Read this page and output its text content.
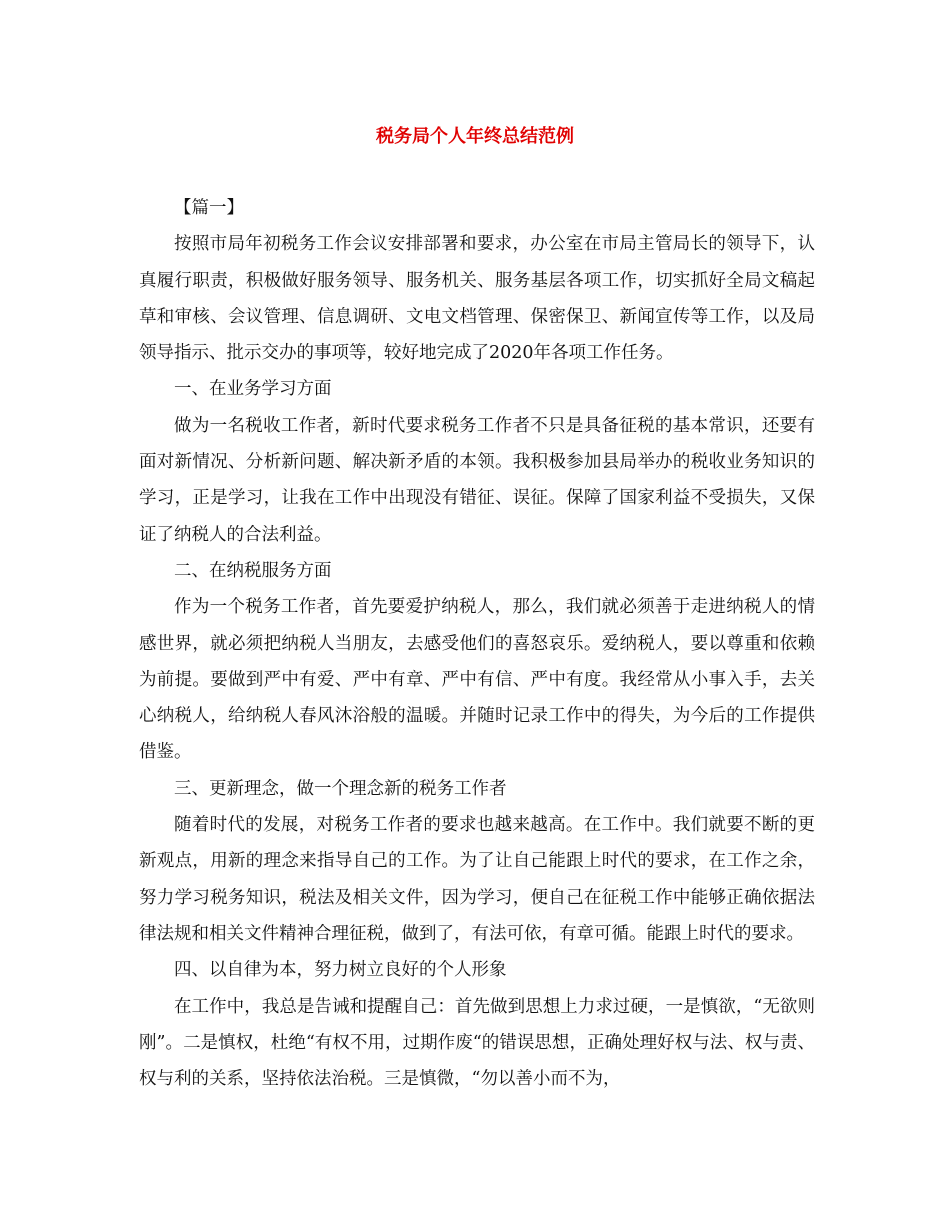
税务局个人年终总结范例

【篇一】

按照市局年初税务工作会议安排部署和要求，办公室在市局主管局长的领导下，认真履行职责，积极做好服务领导、服务机关、服务基层各项工作，切实抓好全局文稿起草和审核、会议管理、信息调研、文电文档管理、保密保卫、新闻宣传等工作，以及局领导指示、批示交办的事项等，较好地完成了2020年各项工作任务。

一、在业务学习方面

做为一名税收工作者，新时代要求税务工作者不只是具备征税的基本常识，还要有面对新情况、分析新问题、解决新矛盾的本领。我积极参加县局举办的税收业务知识的学习，正是学习，让我在工作中出现没有错征、误征。保障了国家利益不受损失，又保证了纳税人的合法利益。

二、在纳税服务方面

作为一个税务工作者，首先要爱护纳税人，那么，我们就必须善于走进纳税人的情感世界，就必须把纳税人当朋友，去感受他们的喜怒哀乐。爱纳税人，要以尊重和依赖为前提。要做到严中有爱、严中有章、严中有信、严中有度。我经常从小事入手，去关心纳税人，给纳税人春风沐浴般的温暖。并随时记录工作中的得失，为今后的工作提供借鉴。

三、更新理念，做一个理念新的税务工作者

随着时代的发展，对税务工作者的要求也越来越高。在工作中。我们就要不断的更新观点，用新的理念来指导自己的工作。为了让自己能跟上时代的要求，在工作之余，努力学习税务知识，税法及相关文件，因为学习，便自己在征税工作中能够正确依据法律法规和相关文件精神合理征税，做到了，有法可依，有章可循。能跟上时代的要求。

四、以自律为本，努力树立良好的个人形象

在工作中，我总是告诫和提醒自己：首先做到思想上力求过硬，一是慎欲，“无欲则刚”。二是慎权，杜绝“有权不用，过期作废“的错误思想，正确处理好权与法、权与责、权与利的关系，坚持依法治税。三是慎微，“勿以善小而不为，
